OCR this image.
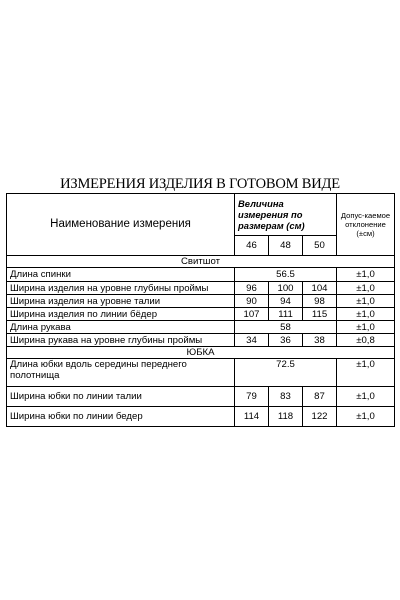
ИЗМЕРЕНИЯ ИЗДЕЛИЯ В ГОТОВОМ ВИДЕ
Наименование измерения	Величина измерения по размерам (см)			Допус-каемое отклонение (±см)
	46	48	50	
Свитшот				
Длина спинки	56.5			±1,0
Ширина изделия на уровне глубины проймы	96	100	104	±1,0
Ширина изделия на уровне талии	90	94	98	±1,0
Ширина изделия по линии бёдер	107	111	115	±1,0
Длина рукава	58			±1,0
Ширина рукава на уровне глубины проймы	34	36	38	±0,8
ЮБКА				
Длина юбки вдоль середины переднего полотнища	72.5			±1,0
Ширина юбки по линии талии	79	83	87	±1,0
Ширина юбки по линии бедер	114	118	122	±1,0
